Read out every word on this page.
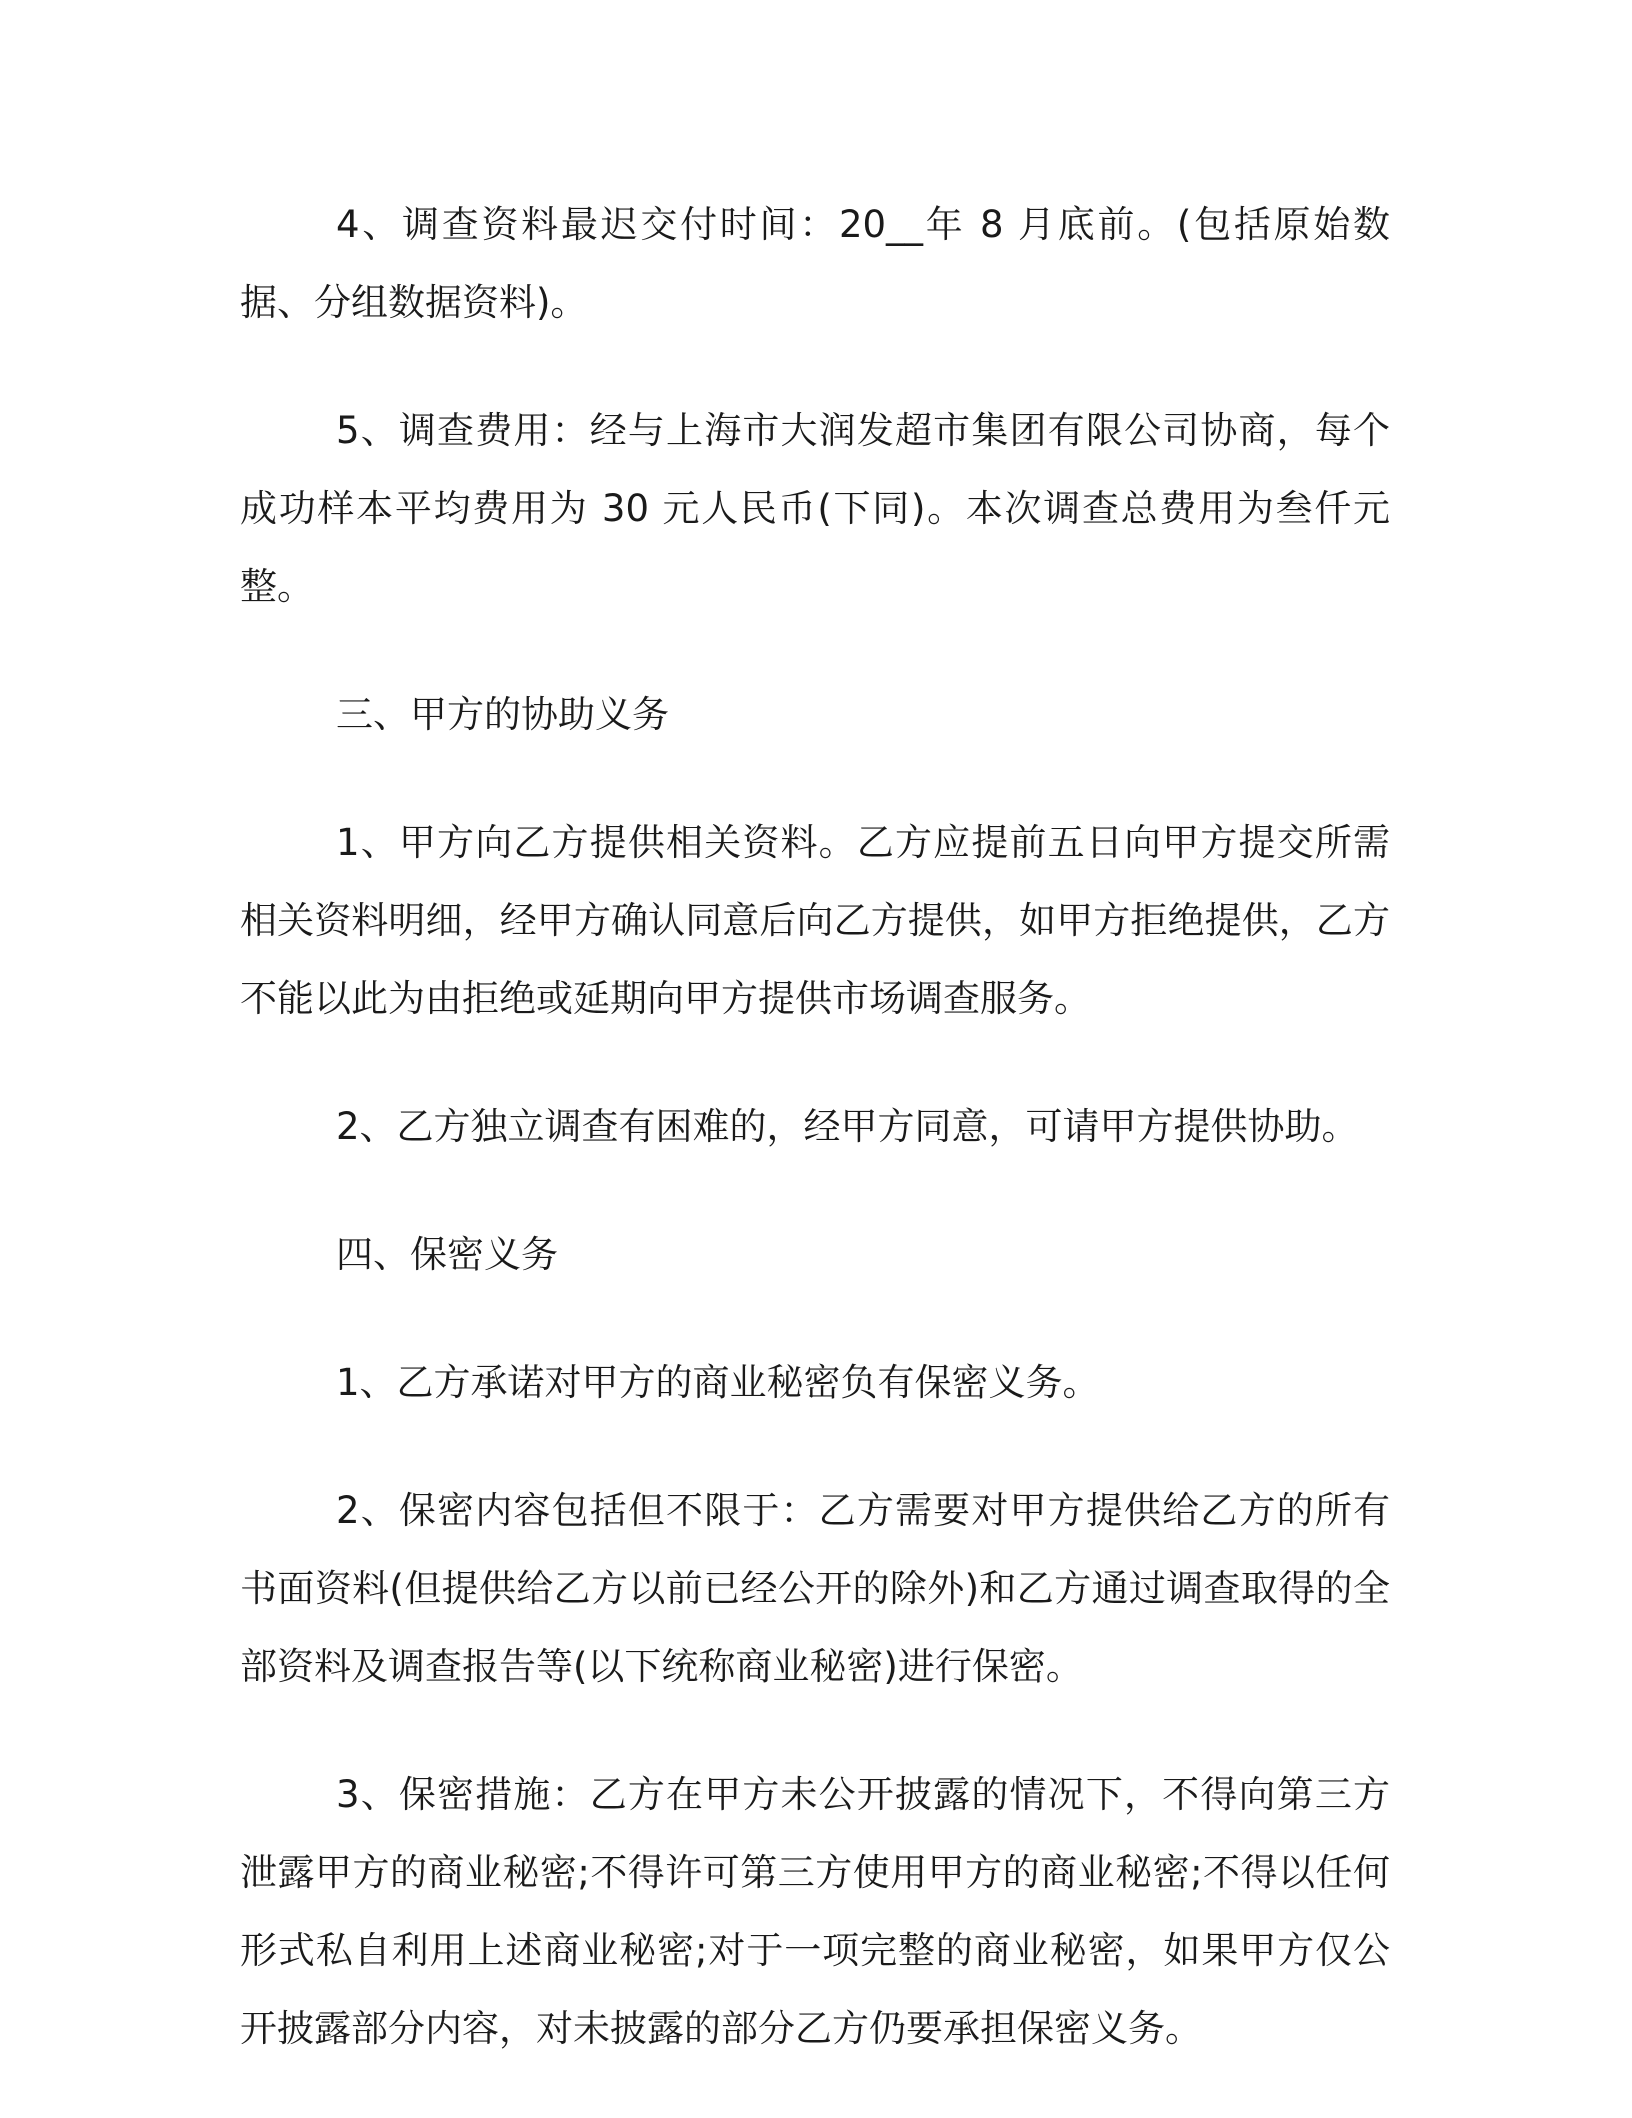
4、调查资料最迟交付时间：20__年 8 月底前。(包括原始数据、分组数据资料)。

5、调查费用：经与上海市大润发超市集团有限公司协商，每个成功样本平均费用为 30 元人民币(下同)。本次调查总费用为叁仟元整。

三、甲方的协助义务

1、甲方向乙方提供相关资料。乙方应提前五日向甲方提交所需相关资料明细，经甲方确认同意后向乙方提供，如甲方拒绝提供，乙方不能以此为由拒绝或延期向甲方提供市场调查服务。

2、乙方独立调查有困难的，经甲方同意，可请甲方提供协助。

四、保密义务

1、乙方承诺对甲方的商业秘密负有保密义务。

2、保密内容包括但不限于：乙方需要对甲方提供给乙方的所有书面资料(但提供给乙方以前已经公开的除外)和乙方通过调查取得的全部资料及调查报告等(以下统称商业秘密)进行保密。

3、保密措施：乙方在甲方未公开披露的情况下，不得向第三方泄露甲方的商业秘密;不得许可第三方使用甲方的商业秘密;不得以任何形式私自利用上述商业秘密;对于一项完整的商业秘密，如果甲方仅公开披露部分内容，对未披露的部分乙方仍要承担保密义务。
